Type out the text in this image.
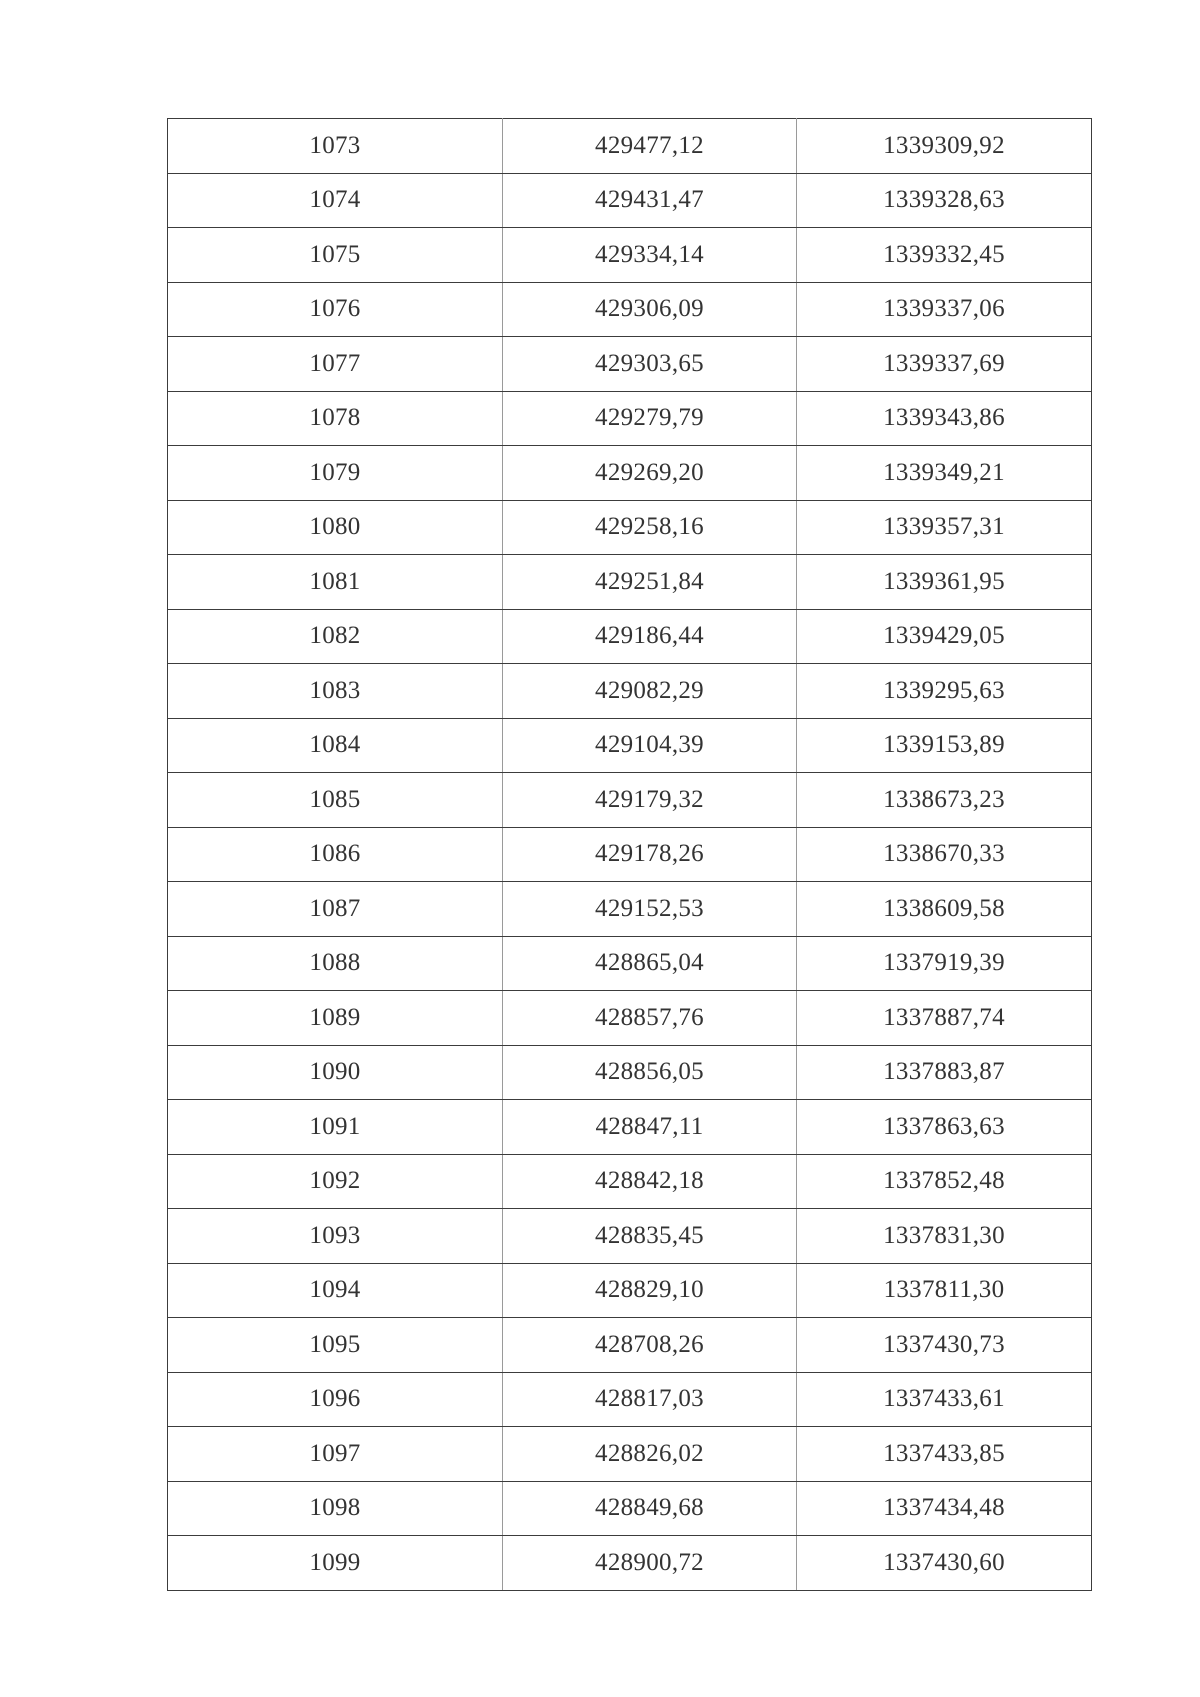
1073	429477,12	1339309,92
1074	429431,47	1339328,63
1075	429334,14	1339332,45
1076	429306,09	1339337,06
1077	429303,65	1339337,69
1078	429279,79	1339343,86
1079	429269,20	1339349,21
1080	429258,16	1339357,31
1081	429251,84	1339361,95
1082	429186,44	1339429,05
1083	429082,29	1339295,63
1084	429104,39	1339153,89
1085	429179,32	1338673,23
1086	429178,26	1338670,33
1087	429152,53	1338609,58
1088	428865,04	1337919,39
1089	428857,76	1337887,74
1090	428856,05	1337883,87
1091	428847,11	1337863,63
1092	428842,18	1337852,48
1093	428835,45	1337831,30
1094	428829,10	1337811,30
1095	428708,26	1337430,73
1096	428817,03	1337433,61
1097	428826,02	1337433,85
1098	428849,68	1337434,48
1099	428900,72	1337430,60
